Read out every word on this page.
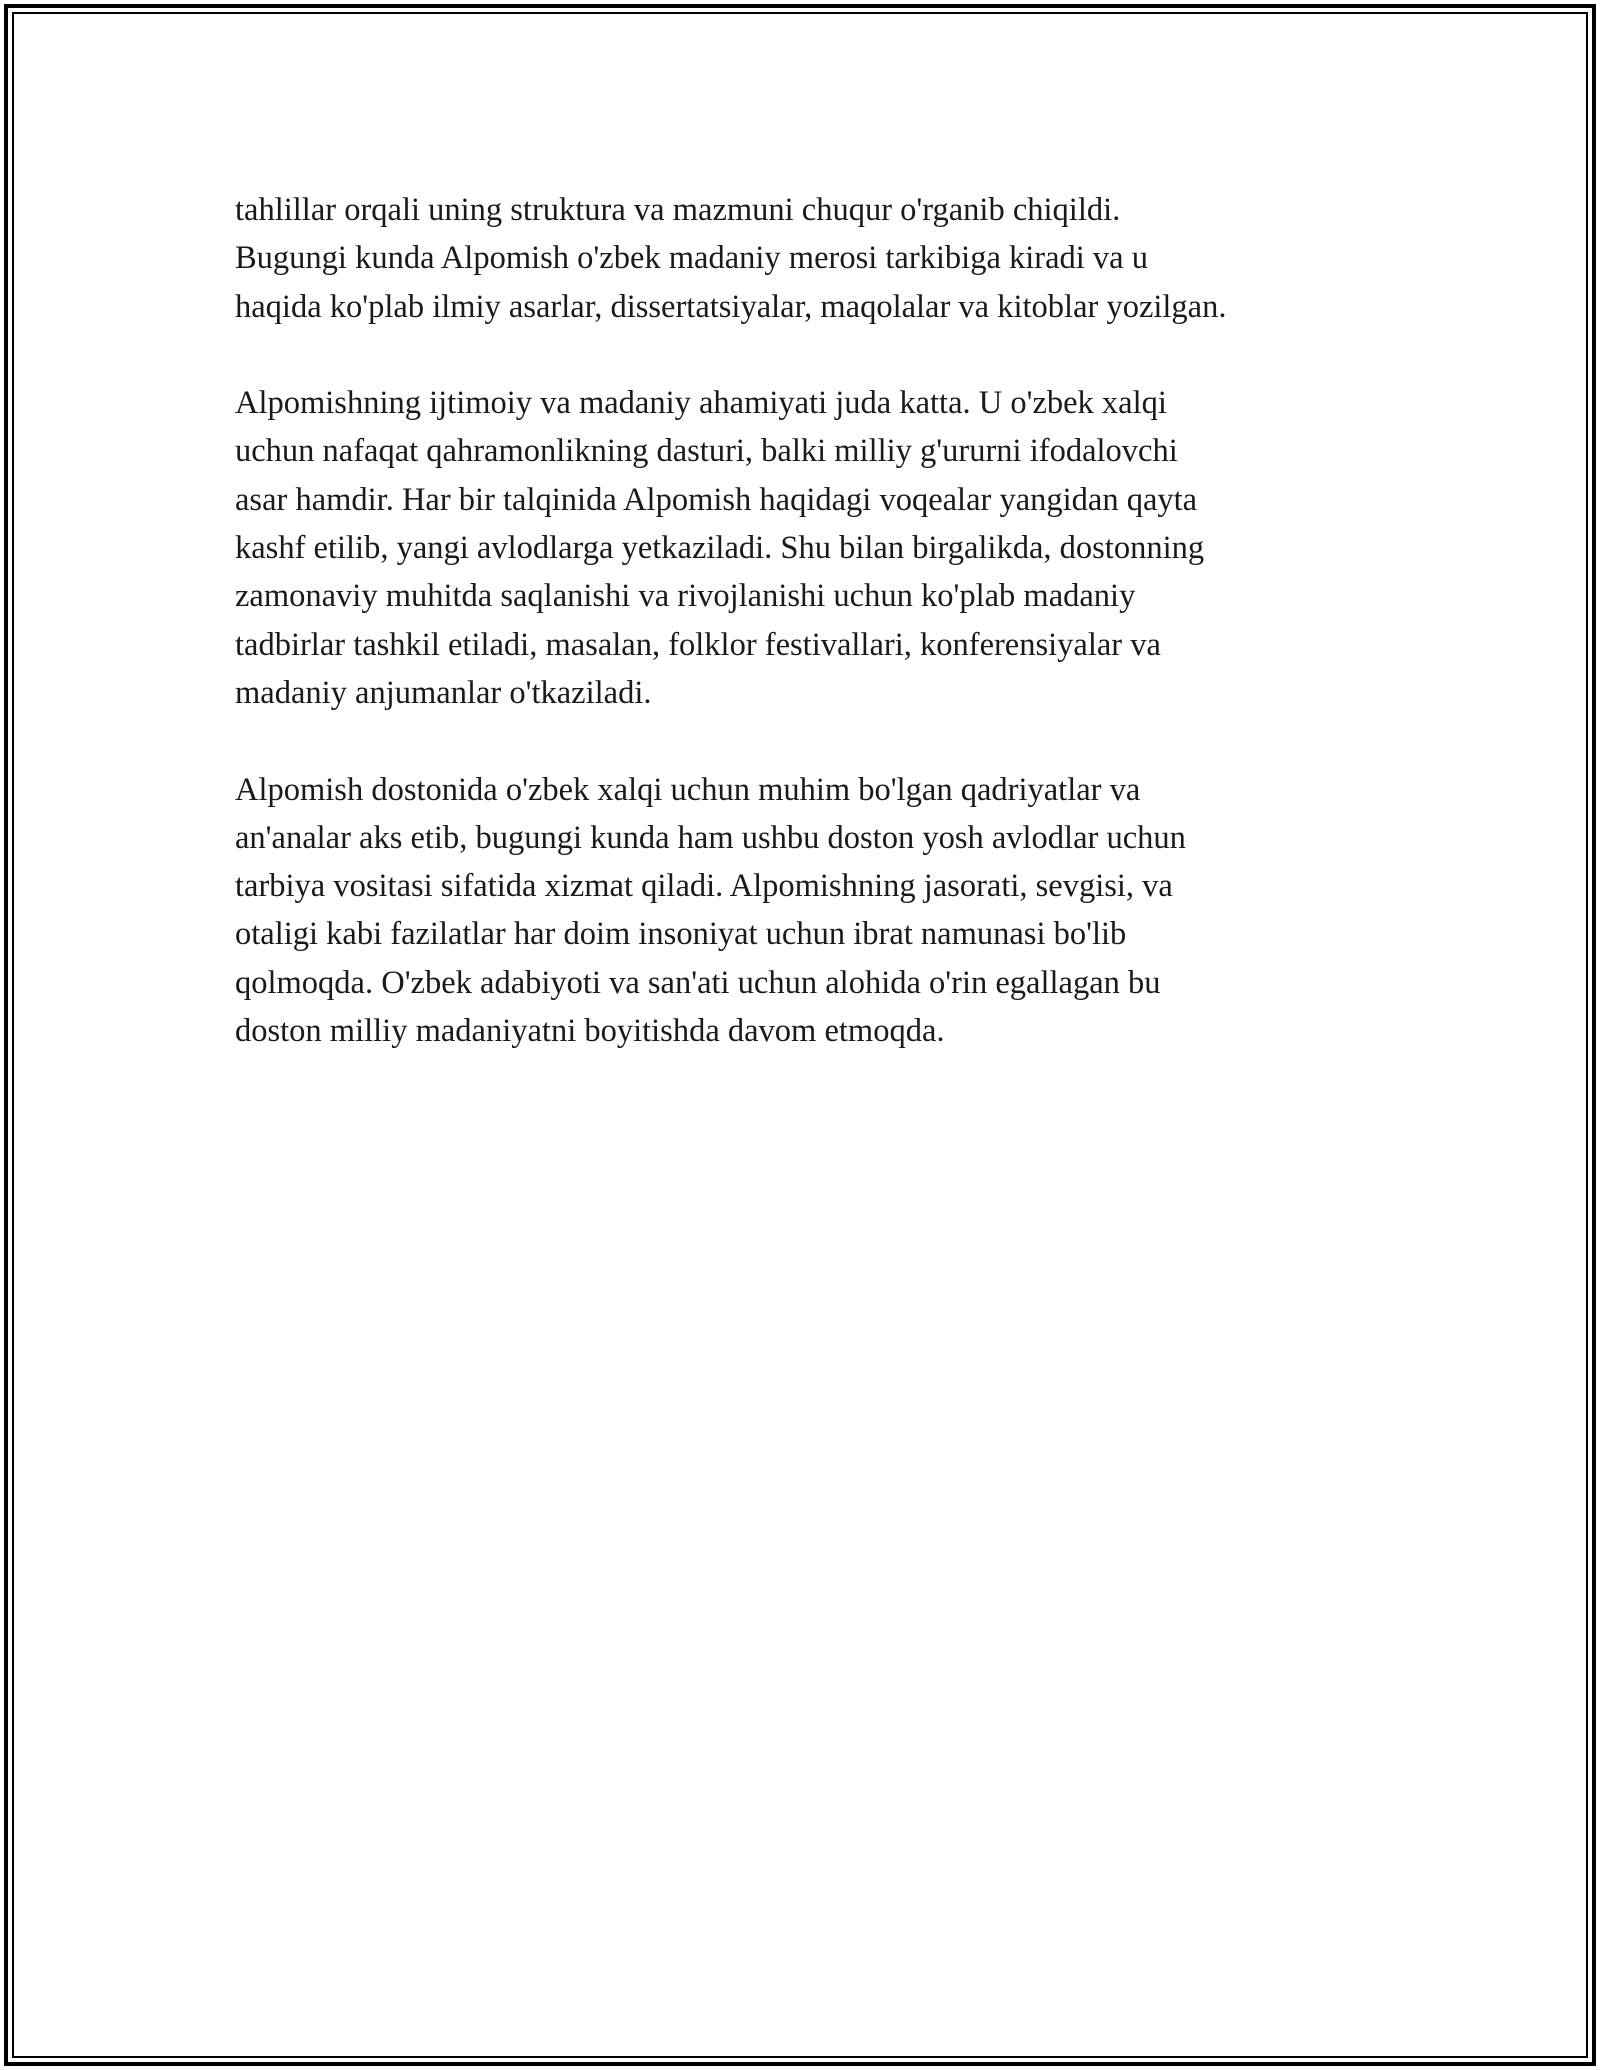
tahlillar orqali uning struktura va mazmuni chuqur o'rganib chiqildi.
Bugungi kunda Alpomish o'zbek madaniy merosi tarkibiga kiradi va u
haqida ko'plab ilmiy asarlar, dissertatsiyalar, maqolalar va kitoblar yozilgan.

Alpomishning ijtimoiy va madaniy ahamiyati juda katta. U o'zbek xalqi
uchun nafaqat qahramonlikning dasturi, balki milliy g'ururni ifodalovchi
asar hamdir. Har bir talqinida Alpomish haqidagi voqealar yangidan qayta
kashf etilib, yangi avlodlarga yetkaziladi. Shu bilan birgalikda, dostonning
zamonaviy muhitda saqlanishi va rivojlanishi uchun ko'plab madaniy
tadbirlar tashkil etiladi, masalan, folklor festivallari, konferensiyalar va
madaniy anjumanlar o'tkaziladi.

Alpomish dostonida o'zbek xalqi uchun muhim bo'lgan qadriyatlar va
an'analar aks etib, bugungi kunda ham ushbu doston yosh avlodlar uchun
tarbiya vositasi sifatida xizmat qiladi. Alpomishning jasorati, sevgisi, va
otaligi kabi fazilatlar har doim insoniyat uchun ibrat namunasi bo'lib
qolmoqda. O'zbek adabiyoti va san'ati uchun alohida o'rin egallagan bu
doston milliy madaniyatni boyitishda davom etmoqda.
